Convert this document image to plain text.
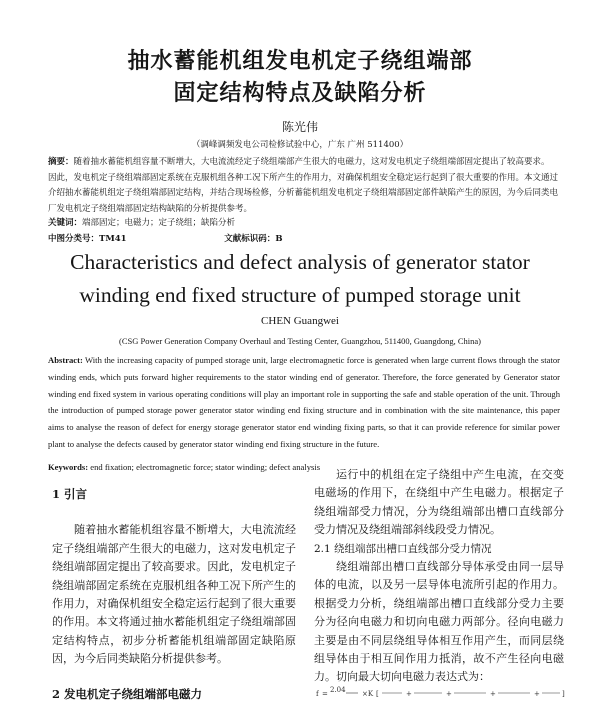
抽水蓄能机组发电机定子绕组端部
固定结构特点及缺陷分析
陈光伟
（调峰调频发电公司检修试验中心，广东 广州 511400）
摘要：随着抽水蓄能机组容量不断增大，大电流流经定子绕组端部产生很大的电磁力，这对发电机定子绕组端部固定提出了较高要求。因此，发电机定子绕组端部固定系统在克服机组各种工况下所产生的作用力，对确保机组安全稳定运行起到了很大重要的作用。本文通过介绍抽水蓄能机组定子绕组端部固定结构，并结合现场检修，分析蓄能机组发电机定子绕组端部固定部件缺陷产生的原因，为今后同类电厂发电机定子绕组端部固定结构缺陷的分析提供参考。
关键词：端部固定；电磁力；定子绕组；缺陷分析
中图分类号：TM41	文献标识码：B
Characteristics and defect analysis of generator stator
winding end fixed structure of pumped storage unit
CHEN Guangwei
(CSG Power Generation Company Overhaul and Testing Center, Guangzhou, 511400, Guangdong, China)
Abstract: With the increasing capacity of pumped storage unit, large electromagnetic force is generated when large current flows through the stator winding ends, which puts forward higher requirements to the stator winding end of generator. Therefore, the force generated by Generator stator winding end fixed system in various operating conditions will play an important role in supporting the safe and stable operation of the unit. Through the introduction of pumped storage power generator stator winding end fixing structure and in combination with the site maintenance, this paper aims to analyse the reason of defect for energy storage generator stator end winding fixing parts, so that it can provide reference for similar power plant to analyse the defects caused by generator stator winding end fixing structure in the future.
Keywords: end fixation; electromagnetic force; stator winding; defect analysis
1 引言

随着抽水蓄能机组容量不断增大，大电流流经定子绕组端部产生很大的电磁力，这对发电机定子绕组端部固定提出了较高要求。因此，发电机定子绕组端部固定系统在克服机组各种工况下所产生的作用力，对确保机组安全稳定运行起到了很大重要的作用。本文将通过抽水蓄能机组定子绕组端部固定结构特点，初步分析蓄能机组端部固定缺陷原因，为今后同类缺陷分析提供参考。

2 发电机定子绕组端部电磁力

运行中的机组在定子绕组中产生电流，在交变电磁场的作用下，在绕组中产生电磁力。根据定子绕组端部受力情况，分为绕组端部出槽口直线部分受力情况及绕组端部斜线段受力情况。

2.1 绕组端部出槽口直线部分受力情况

绕组端部出槽口直线部分导体承受由同一层导体的电流，以及另一层导体电流所引起的作用力。根据受力分析，绕组端部出槽口直线部分受力主要分为径向电磁力和切向电磁力两部分。径向电磁力主要是由不同层绕组导体相互作用产生，而同层绕组导体由于相互间作用力抵消，故不产生径向电磁力。切向最大切向电磁力表达式为：

f = 2.04 ×K [	+	+	+	+	]
